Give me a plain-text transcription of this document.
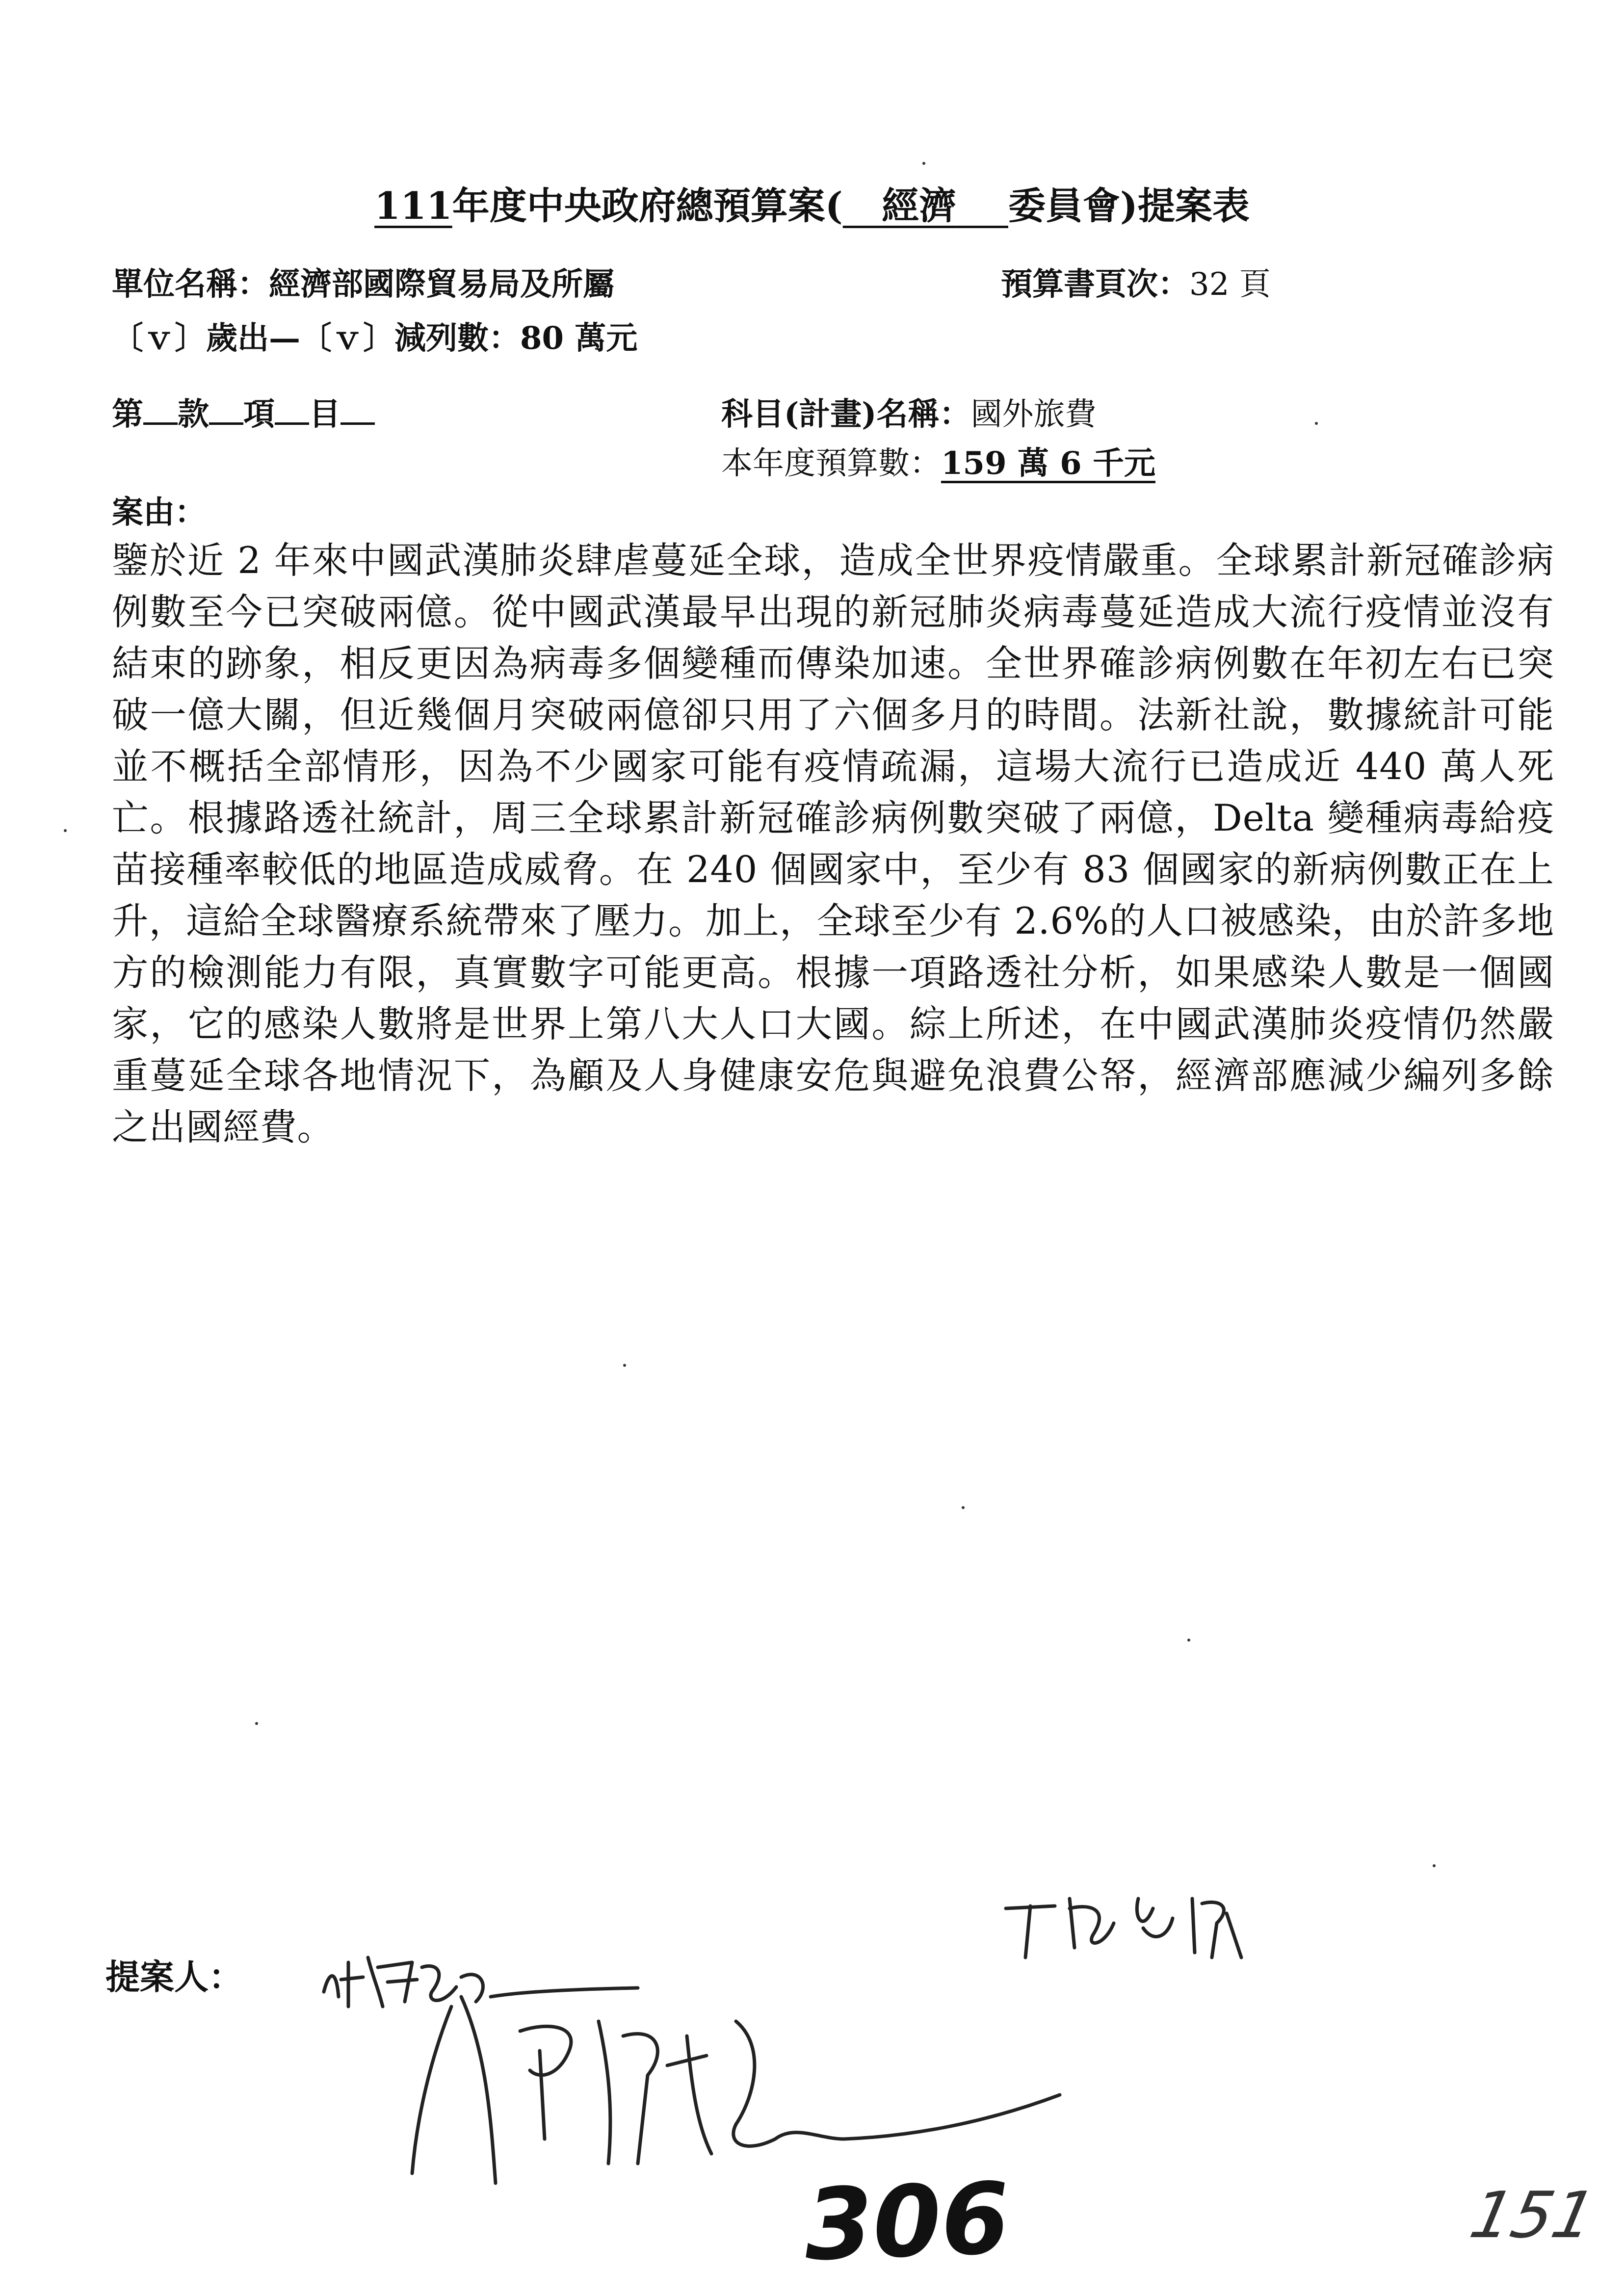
111年度中央政府總預算案( 經濟 委員會)提案表
單位名稱：經濟部國際貿易局及所屬	預算書頁次：32 頁
〔ｖ〕歲出—〔ｖ〕減列數：80 萬元
第 款 項 目	科目(計畫)名稱：國外旅費
本年度預算數：159 萬 6 千元
案由：
鑒於近 2 年來中國武漢肺炎肆虐蔓延全球，造成全世界疫情嚴重。全球累計新冠確診病例數至今已突破兩億。從中國武漢最早出現的新冠肺炎病毒蔓延造成大流行疫情並沒有結束的跡象，相反更因為病毒多個變種而傳染加速。全世界確診病例數在年初左右已突破一億大關，但近幾個月突破兩億卻只用了六個多月的時間。法新社說，數據統計可能並不概括全部情形，因為不少國家可能有疫情疏漏，這場大流行已造成近 440 萬人死亡。根據路透社統計，周三全球累計新冠確診病例數突破了兩億，Delta 變種病毒給疫苗接種率較低的地區造成威脅。在 240 個國家中，至少有 83 個國家的新病例數正在上升，這給全球醫療系統帶來了壓力。加上，全球至少有 2.6%的人口被感染，由於許多地方的檢測能力有限，真實數字可能更高。根據一項路透社分析，如果感染人數是一個國家，它的感染人數將是世界上第八大人口大國。綜上所述，在中國武漢肺炎疫情仍然嚴重蔓延全球各地情況下，為顧及人身健康安危與避免浪費公帑，經濟部應減少編列多餘之出國經費。
提案人：
306	151
